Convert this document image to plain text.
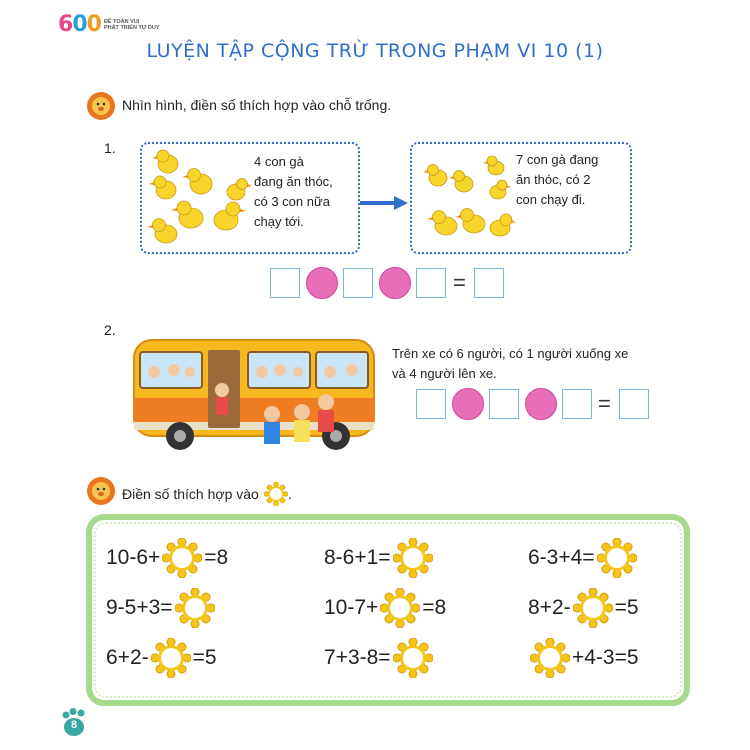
600 ĐỀ TOÁN VUI
PHÁT TRIỂN TƯ DUY
LUYỆN TẬP CỘNG TRỪ TRONG PHẠM VI 10 (1)
Nhìn hình, điền số thích hợp vào chỗ trống.
1.
4 con gà
đang ăn thóc,
có 3 con nữa
chạy tới.
7 con gà đang
ăn thóc, có 2
con chạy đi.
=
2.
Trên xe có 6 người, có 1 người xuống xe
và 4 người lên xe.
=
Điền số thích hợp vào .
10-6+ =8	8-6+1=	6-3+4=
9-5+3=	10-7+ =8	8+2- =5
6+2- =5	7+3-8=	+4-3=5
8
